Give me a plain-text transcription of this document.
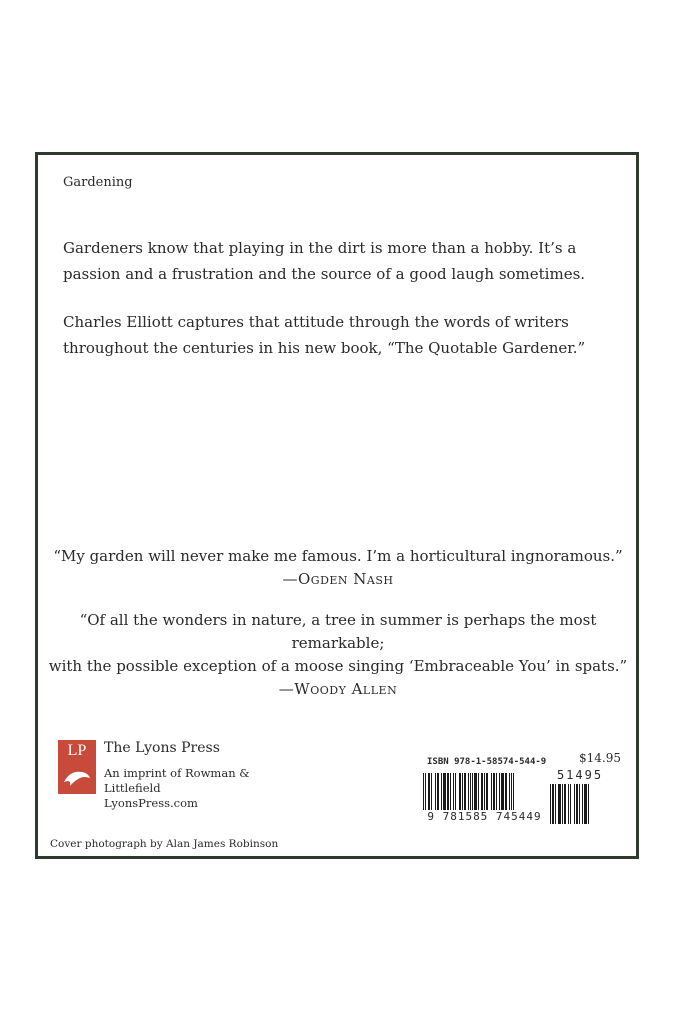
Gardening
Gardeners know that playing in the dirt is more than a hobby. It’s a passion and a frustration and the source of a good laugh sometimes.
Charles Elliott captures that attitude through the words of writers throughout the centuries in his new book, “The Quotable Gardener.”
“My garden will never make me famous. I’m a horticultural ingnoramous.”
—Ogden Nash
“Of all the wonders in nature, a tree in summer is perhaps the most remarkable;
with the possible exception of a moose singing ‘Embraceable You’ in spats.”
—Woody Allen
LP	The Lyons Press
An imprint of Rowman & Littlefield
LyonsPress.com
ISBN 978-1-58574-544-9	$14.95
9 781585 745449
51495
Cover photograph by Alan James Robinson
